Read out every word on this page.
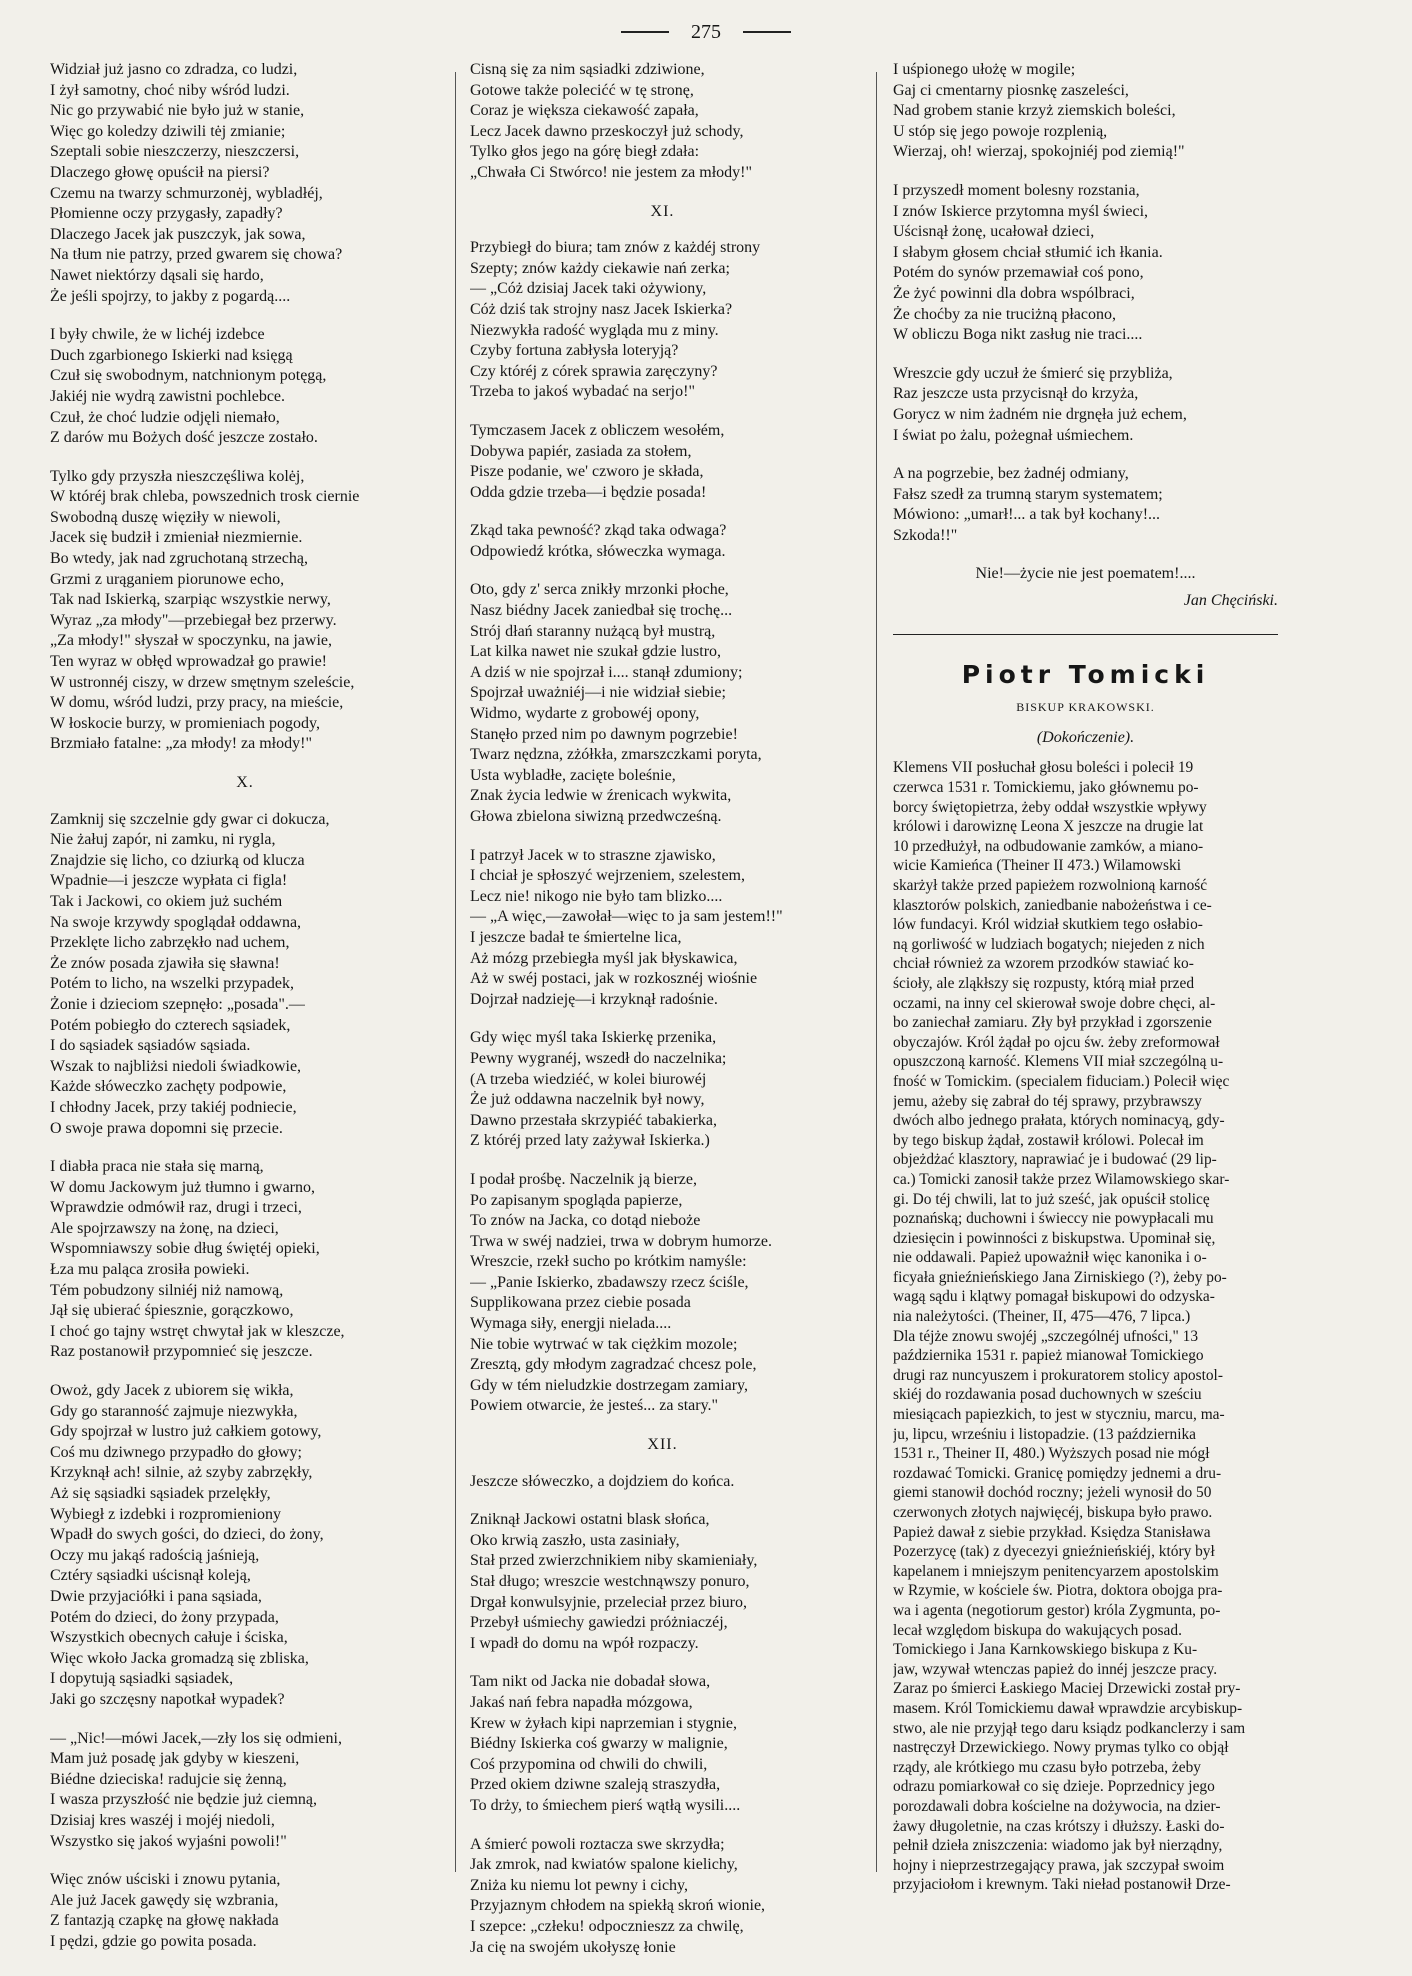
275
Widział już jasno co zdradza, co ludzi,
I żył samotny, choć niby wśród ludzi.
Nic go przywabić nie było już w stanie,
Więc go koledzy dziwili tėj zmianie;
Szeptali sobie nieszczerzy, nieszczersi,
Dlaczego głowę opuścił na piersi?
Czemu na twarzy schmurzonėj, wybladłéj,
Płomienne oczy przygasły, zapadły?
Dlaczego Jacek jak puszczyk, jak sowa,
Na tłum nie patrzy, przed gwarem się chowa?
Nawet niektórzy dąsali się hardo,
Że jeśli spojrzy, to jakby z pogardą....
I były chwile, że w lichéj izdebce
Duch zgarbionego Iskierki nad księgą
Czuł się swobodnym, natchnionym potęgą,
Jakiéj nie wydrą zawistni pochlebce.
Czuł, że choć ludzie odjęli niemało,
Z darów mu Bożych dość jeszcze zostało.
Tylko gdy przyszła nieszczęśliwa kolėj,
W któréj brak chleba, powszednich trosk ciernie
Swobodną duszę więziły w niewoli,
Jacek się budził i zmieniał niezmiernie.
Bo wtedy, jak nad zgruchotaną strzechą,
Grzmi z urąganiem piorunowe echo,
Tak nad Iskierką, szarpiąc wszystkie nerwy,
Wyraz „za młody"—przebiegał bez przerwy.
„Za młody!" słyszał w spoczynku, na jawie,
Ten wyraz w obłęd wprowadzał go prawie!
W ustronnéj ciszy, w drzew smętnym szeleście,
W domu, wśród ludzi, przy pracy, na mieście,
W łoskocie burzy, w promieniach pogody,
Brzmiało fatalne: „za młody! za młody!"
X.
Zamknij się szczelnie gdy gwar ci dokucza,
Nie żałuj zapór, ni zamku, ni rygla,
Znajdzie się licho, co dziurką od klucza
Wpadnie—i jeszcze wypłata ci figla!
Tak i Jackowi, co okiem już suchém
Na swoje krzywdy spoglądał oddawna,
Przeklęte licho zabrzękło nad uchem,
Że znów posada zjawiła się sławna!
Potém to licho, na wszelki przypadek,
Żonie i dzieciom szepnęło: „posada".—
Potém pobiegło do czterech sąsiadek,
I do sąsiadek sąsiadów sąsiada.
Wszak to najbliżsi niedoli świadkowie,
Każde słóweczko zachęty podpowie,
I chłodny Jacek, przy takiéj podniecie,
O swoje prawa dopomni się przecie.
I diabła praca nie stała się marną,
W domu Jackowym już tłumno i gwarno,
Wprawdzie odmówił raz, drugi i trzeci,
Ale spojrzawszy na żonę, na dzieci,
Wspomniawszy sobie dług świętéj opieki,
Łza mu paląca zrosiła powieki.
Tém pobudzony silniéj niż namową,
Jął się ubierać śpiesznie, gorączkowo,
I choć go tajny wstręt chwytał jak w kleszcze,
Raz postanowił przypomnieć się jeszcze.
Owoż, gdy Jacek z ubiorem się wikła,
Gdy go staranność zajmuje niezwykła,
Gdy spojrzał w lustro już całkiem gotowy,
Coś mu dziwnego przypadło do głowy;
Krzyknął ach! silnie, aż szyby zabrzękły,
Aż się sąsiadki sąsiadek przelękły,
Wybiegł z izdebki i rozpromieniony
Wpadł do swych gości, do dzieci, do żony,
Oczy mu jakąś radością jaśnieją,
Cztéry sąsiadki uścisnął koleją,
Dwie przyjaciółki i pana sąsiada,
Potém do dzieci, do żony przypada,
Wszystkich obecnych całuje i ściska,
Więc wkoło Jacka gromadzą się zbliska,
I dopytują sąsiadki sąsiadek,
Jaki go szczęsny napotkał wypadek?
— „Nic!—mówi Jacek,—zły los się odmieni,
Mam już posadę jak gdyby w kieszeni,
Biédne dzieciska! radujcie się żenną,
I wasza przyszłość nie będzie już ciemną,
Dzisiaj kres waszéj i mojéj niedoli,
Wszystko się jakoś wyjaśni powoli!"
Więc znów uściski i znowu pytania,
Ale już Jacek gawędy się wzbrania,
Z fantazją czapkę na głowę nakłada
I pędzi, gdzie go powita posada.
Cisną się za nim sąsiadki zdziwione,
Gotowe także polecićć w tę stronę,
Coraz je większa ciekawość zapała,
Lecz Jacek dawno przeskoczył już schody,
Tylko głos jego na górę biegł zdała:
„Chwała Ci Stwórco! nie jestem za młody!"
XI.
Przybiegł do biura; tam znów z każdéj strony
Szepty; znów każdy ciekawie nań zerka;
— „Cóż dzisiaj Jacek taki ożywiony,
Cóż dziś tak strojny nasz Jacek Iskierka?
Niezwykła radość wygląda mu z miny.
Czyby fortuna zabłysła loteryją?
Czy któréj z córek sprawia zaręczyny?
Trzeba to jakoś wybadać na serjo!"
Tymczasem Jacek z obliczem wesołém,
Dobywa papiér, zasiada za stołem,
Pisze podanie, we' czworo je składa,
Odda gdzie trzeba—i będzie posada!
Zkąd taka pewność? zkąd taka odwaga?
Odpowiedź krótka, słóweczka wymaga.
Oto, gdy z' serca znikły mrzonki płoche,
Nasz biédny Jacek zaniedbał się trochę...
Strój dłań staranny nużącą był mustrą,
Lat kilka nawet nie szukał gdzie lustro,
A dziś w nie spojrzał i.... stanął zdumiony;
Spojrzał uważniéj—i nie widział siebie;
Widmo, wydarte z grobowéj opony,
Stanęło przed nim po dawnym pogrzebie!
Twarz nędzna, zżółkła, zmarszczkami poryta,
Usta wybladłe, zacięte boleśnie,
Znak życia ledwie w źrenicach wykwita,
Głowa zbielona siwizną przedwcześną.
I patrzył Jacek w to straszne zjawisko,
I chciał je spłoszyć wejrzeniem, szelestem,
Lecz nie! nikogo nie było tam blizko....
— „A więc,—zawołał—więc to ja sam jestem!!"
I jeszcze badał te śmiertelne lica,
Aż mózg przebiegła myśl jak błyskawica,
Aż w swéj postaci, jak w rozkosznéj wiośnie
Dojrzał nadzieję—i krzyknął radośnie.
Gdy więc myśl taka Iskierkę przenika,
Pewny wygranéj, wszedł do naczelnika;
(A trzeba wiedziéć, w kolei biurowéj
Że już oddawna naczelnik był nowy,
Dawno przestała skrzypiéć tabakierka,
Z któréj przed laty zażywał Iskierka.)
I podał prośbę. Naczelnik ją bierze,
Po zapisanym spogląda papierze,
To znów na Jacka, co dotąd nieboże
Trwa w swéj nadziei, trwa w dobrym humorze.
Wreszcie, rzekł sucho po krótkim namyśle:
— „Panie Iskierko, zbadawszy rzecz ściśle,
Supplikowana przez ciebie posada
Wymaga siły, energji nielada....
Nie tobie wytrwać w tak ciężkim mozole;
Zresztą, gdy młodym zagradzać chcesz pole,
Gdy w tém nieludzkie dostrzegam zamiary,
Powiem otwarcie, że jesteś... za stary."
XII.
Jeszcze słóweczko, a dojdziem do końca.
Zniknął Jackowi ostatni blask słońca,
Oko krwią zaszło, usta zasiniały,
Stał przed zwierzchnikiem niby skamieniały,
Stał długo; wreszcie westchnąwszy ponuro,
Drgał konwulsyjnie, przeleciał przez biuro,
Przebył uśmiechy gawiedzi próżniaczéj,
I wpadł do domu na wpół rozpaczy.
Tam nikt od Jacka nie dobadał słowa,
Jakaś nań febra napadła mózgowa,
Krew w żyłach kipi naprzemian i stygnie,
Biédny Iskierka coś gwarzy w malignie,
Coś przypomina od chwili do chwili,
Przed okiem dziwne szaleją straszydła,
To drży, to śmiechem pierś wątłą wysili....
A śmierć powoli roztacza swe skrzydła;
Jak zmrok, nad kwiatów spalone kielichy,
Zniża ku niemu lot pewny i cichy,
Przyjaznym chłodem na spiekłą skroń wionie,
I szepce: „człeku! odpocznieszz za chwilę,
Ja cię na swojém ukołyszę łonie
I uśpionego ułożę w mogile;
Gaj ci cmentarny piosnkę zaszeleści,
Nad grobem stanie krzyż ziemskich boleści,
U stóp się jego powoje rozplenią,
Wierzaj, oh! wierzaj, spokojniéj pod ziemią!"
I przyszedł moment bolesny rozstania,
I znów Iskierce przytomna myśl świeci,
Uścisnął żonę, ucałował dzieci,
I słabym głosem chciał stłumić ich łkania.
Potém do synów przemawiał coś pono,
Że żyć powinni dla dobra wspólbraci,
Że choćby za nie truciżną płacono,
W obliczu Boga nikt zasług nie traci....
Wreszcie gdy uczuł że śmierć się przybliża,
Raz jeszcze usta przycisnął do krzyża,
Gorycz w nim żadném nie drgnęła już echem,
I świat po żalu, pożegnał uśmiechem.
A na pogrzebie, bez żadnéj odmiany,
Fałsz szedł za trumną starym systematem;
Mówiono: „umarł!... a tak był kochany!...
Szkoda!!"
Nie!—życie nie jest poematem!....
Jan Chęciński.
Piotr Tomicki
BISKUP KRAKOWSKI.
(Dokończenie).
Klemens VII posłuchał głosu boleści i polecił 19
czerwca 1531 r. Tomickiemu, jako głównemu po-
borcy świętopietrza, żeby oddał wszystkie wpływy
królowi i darowiznę Leona X jeszcze na drugie lat
10 przedłużył, na odbudowanie zamków, a miano-
wicie Kamieńca (Theiner II 473.) Wilamowski
skarżył także przed papieżem rozwolnioną karność
klasztorów polskich, zaniedbanie nabożeństwa i ce-
lów fundacyi. Król widział skutkiem tego osłabio-
ną gorliwość w ludziach bogatych; niejeden z nich
chciał również za wzorem przodków stawiać ko-
ścioły, ale zląkłszy się rozpusty, którą miał przed
oczami, na inny cel skierował swoje dobre chęci, al-
bo zaniechał zamiaru. Zły był przykład i zgorszenie
obyczajów. Król żądał po ojcu św. żeby zreformował
opuszczoną karność. Klemens VII miał szczególną u-
fność w Tomickim. (specialem fiduciam.) Polecił więc
jemu, ażeby się zabrał do téj sprawy, przybrawszy
dwóch albo jednego prałata, których nominacyą, gdy-
by tego biskup żądał, zostawił królowi. Polecał im
objeżdżać klasztory, naprawiać je i budować (29 lip-
ca.) Tomicki zanosił także przez Wilamowskiego skar-
gi. Do téj chwili, lat to już sześć, jak opuścił stolicę
poznańską; duchowni i świeccy nie powypłacali mu
dziesięcin i powinności z biskupstwa. Upominał się,
nie oddawali. Papież upoważnił więc kanonika i o-
ficyała gnieźnieńskiego Jana Zirniskiego (?), żeby po-
wagą sądu i klątwy pomagał biskupowi do odzyska-
nia należytości. (Theiner, II, 475—476, 7 lipca.)
Dla téjże znowu swojéj „szczególnéj ufności," 13
października 1531 r. papież mianował Tomickiego
drugi raz nuncyuszem i prokuratorem stolicy apostol-
skiéj do rozdawania posad duchownych w sześciu
miesiącach papiezkich, to jest w styczniu, marcu, ma-
ju, lipcu, wrześniu i listopadzie. (13 października
1531 r., Theiner II, 480.) Wyższych posad nie mógł
rozdawać Tomicki. Granicę pomiędzy jednemi a dru-
giemi stanowił dochód roczny; jeżeli wynosił do 50
czerwonych złotych najwięcéj, biskupa było prawo.
Papież dawał z siebie przykład. Księdza Stanisława
Pozerzycę (tak) z dyecezyi gnieźnieńskiéj, który był
kapelanem i mniejszym penitencyarzem apostolskim
w Rzymie, w kościele św. Piotra, doktora obojga pra-
wa i agenta (negotiorum gestor) króla Zygmunta, po-
lecał względom biskupa do wakujących posad.
Tomickiego i Jana Karnkowskiego biskupa z Ku-
jaw, wzywał wtenczas papież do innéj jeszcze pracy.
Zaraz po śmierci Łaskiego Maciej Drzewicki został pry-
masem. Król Tomickiemu dawał wprawdzie arcybiskup-
stwo, ale nie przyjął tego daru ksiądz podkanclerzy i sam
nastręczył Drzewickiego. Nowy prymas tylko co objął
rządy, ale krótkiego mu czasu było potrzeba, żeby
odrazu pomiarkował co się dzieje. Poprzednicy jego
porozdawali dobra kościelne na dożywocia, na dzier-
żawy długoletnie, na czas krótszy i dłuższy. Łaski do-
pełnił dzieła zniszczenia: wiadomo jak był nierządny,
hojny i nieprzestrzegający prawa, jak szczypał swoim
przyjaciołom i krewnym. Taki nieład postanowił Drze-
